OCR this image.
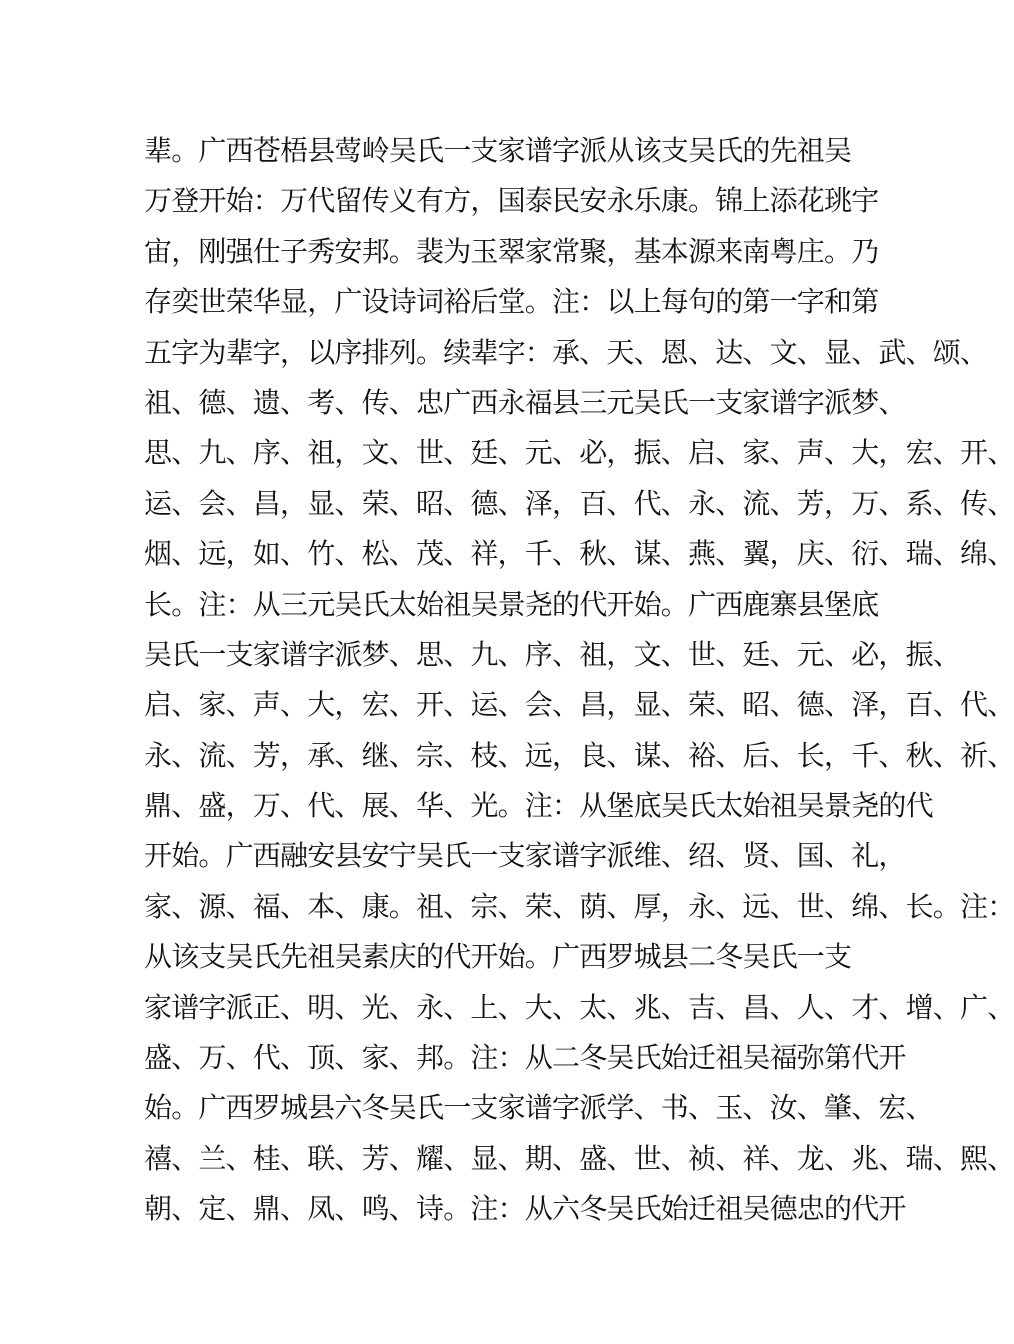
辈。广西苍梧县莺岭吴氏一支家谱字派从该支吴氏的先祖吴
万登开始：万代留传义有方，国泰民安永乐康。锦上添花珧宇
宙，刚强仕子秀安邦。裴为玉翠家常聚，基本源来南粤庄。乃
存奕世荣华显，广设诗词裕后堂。注：以上每句的第一字和第
五字为辈字，以序排列。续辈字：承、天、恩、达、文、显、武、颂、
祖、德、遗、考、传、忠广西永福县三元吴氏一支家谱字派梦、
思、九、序、祖，文、世、廷、元、必，振、启、家、声、大，宏、开、
运、会、昌，显、荣、昭、德、泽，百、代、永、流、芳，万、系、传、
烟、远，如、竹、松、茂、祥，千、秋、谋、燕、翼，庆、衍、瑞、绵、
长。注：从三元吴氏太始祖吴景尧的代开始。广西鹿寨县堡底
吴氏一支家谱字派梦、思、九、序、祖，文、世、廷、元、必，振、
启、家、声、大，宏、开、运、会、昌，显、荣、昭、德、泽，百、代、
永、流、芳，承、继、宗、枝、远，良、谋、裕、后、长，千、秋、祈、
鼎、盛，万、代、展、华、光。注：从堡底吴氏太始祖吴景尧的代
开始。广西融安县安宁吴氏一支家谱字派维、绍、贤、国、礼，
家、源、福、本、康。祖、宗、荣、荫、厚，永、远、世、绵、长。注：
从该支吴氏先祖吴素庆的代开始。广西罗城县二冬吴氏一支
家谱字派正、明、光、永、上、大、太、兆、吉、昌、人、才、增、广、
盛、万、代、顶、家、邦。注：从二冬吴氏始迁祖吴福弥第代开
始。广西罗城县六冬吴氏一支家谱字派学、书、玉、汝、肇、宏、
禧、兰、桂、联、芳、耀、显、期、盛、世、祯、祥、龙、兆、瑞、熙、
朝、定、鼎、凤、鸣、诗。注：从六冬吴氏始迁祖吴德忠的代开
